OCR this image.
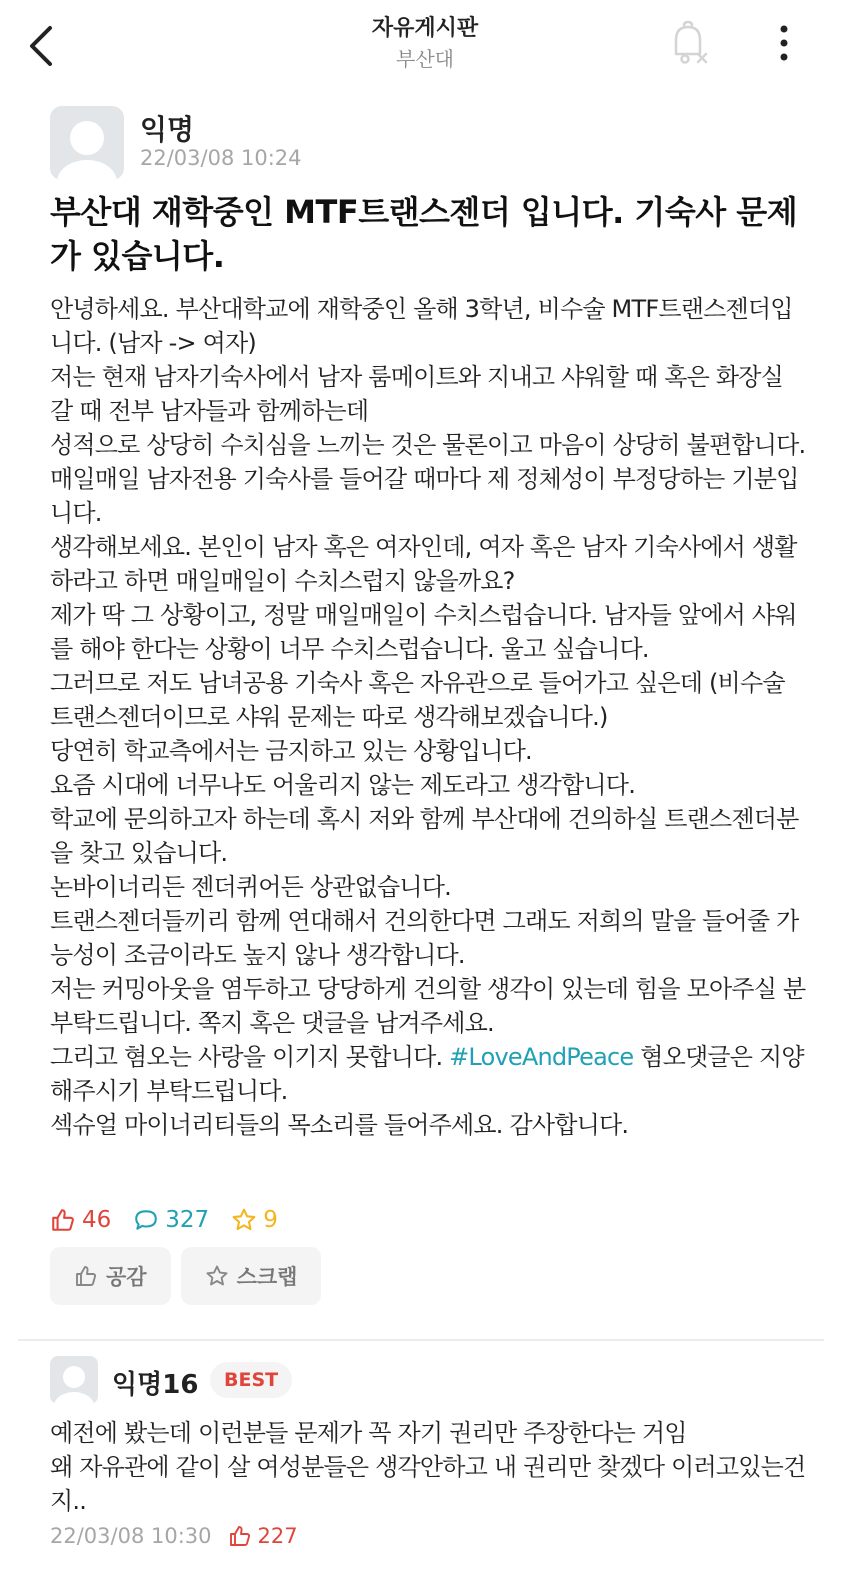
자유게시판
부산대
익명
22/03/08 10:24
부산대 재학중인 MTF트랜스젠더 입니다. 기숙사 문제가 있습니다.

안녕하세요. 부산대학교에 재학중인 올해 3학년, 비수술 MTF트랜스젠더입니다. (남자 -> 여자)

저는 현재 남자기숙사에서 남자 룸메이트와 지내고 샤워할 때 혹은 화장실 갈 때 전부 남자들과 함께하는데

성적으로 상당히 수치심을 느끼는 것은 물론이고 마음이 상당히 불편합니다.

매일매일 남자전용 기숙사를 들어갈 때마다 제 정체성이 부정당하는 기분입니다.

생각해보세요. 본인이 남자 혹은 여자인데, 여자 혹은 남자 기숙사에서 생활하라고 하면 매일매일이 수치스럽지 않을까요?

제가 딱 그 상황이고, 정말 매일매일이 수치스럽습니다. 남자들 앞에서 샤워를 해야 한다는 상황이 너무 수치스럽습니다. 울고 싶습니다.

그러므로 저도 남녀공용 기숙사 혹은 자유관으로 들어가고 싶은데 (비수술 트랜스젠더이므로 샤워 문제는 따로 생각해보겠습니다.)

당연히 학교측에서는 금지하고 있는 상황입니다.

요즘 시대에 너무나도 어울리지 않는 제도라고 생각합니다.

학교에 문의하고자 하는데 혹시 저와 함께 부산대에 건의하실 트랜스젠더분을 찾고 있습니다.

논바이너리든 젠더퀴어든 상관없습니다.

트랜스젠더들끼리 함께 연대해서 건의한다면 그래도 저희의 말을 들어줄 가능성이 조금이라도 높지 않나 생각합니다.

저는 커밍아웃을 염두하고 당당하게 건의할 생각이 있는데 힘을 모아주실 분 부탁드립니다. 쪽지 혹은 댓글을 남겨주세요.

그리고 혐오는 사랑을 이기지 못합니다. #LoveAndPeace 혐오댓글은 지양해주시기 부탁드립니다.

섹슈얼 마이너리티들의 목소리를 들어주세요. 감사합니다.

46 327 9
공감	스크랩
익명16	BEST

예전에 봤는데 이런분들 문제가 꼭 자기 권리만 주장한다는 거임

왜 자유관에 같이 살 여성분들은 생각안하고 내 권리만 찾겠다 이러고있는건지..

22/03/08 10:30 227
